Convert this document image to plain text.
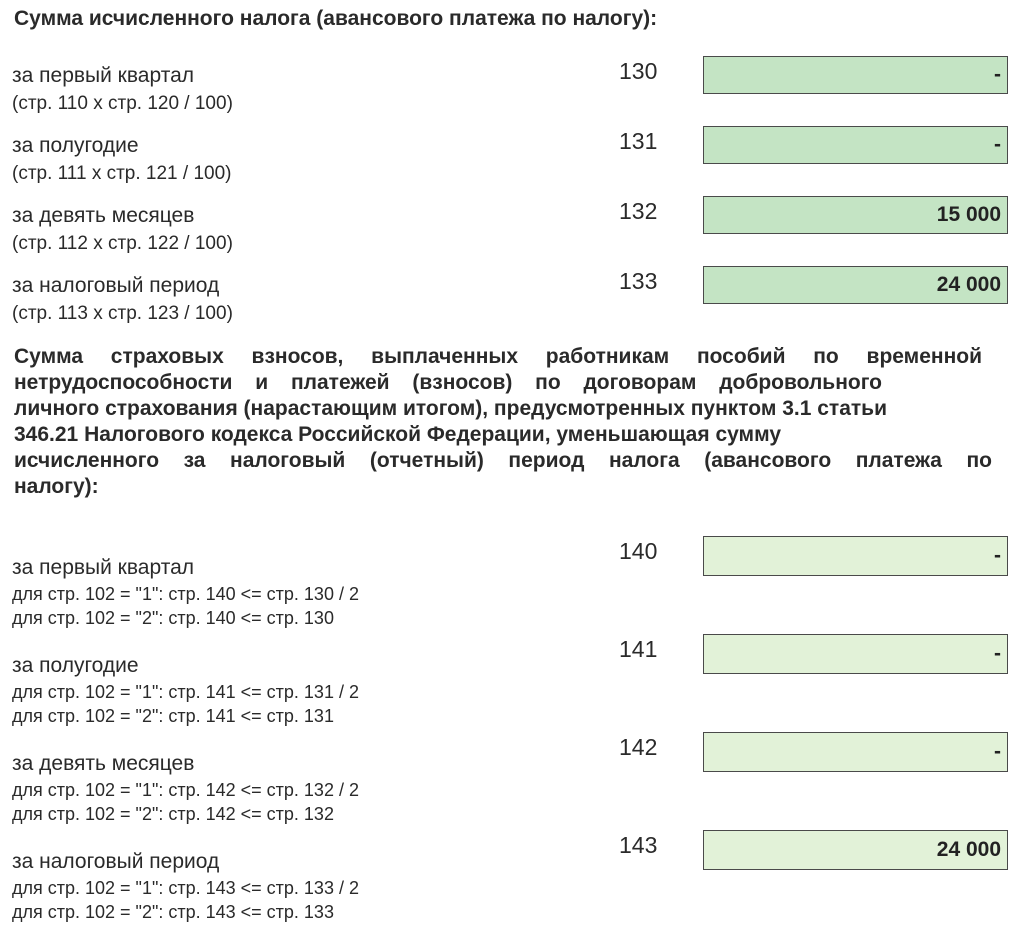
Сумма исчисленного налога (авансового платежа по налогу):
за первый квартал
(стр. 110 х стр. 120 / 100)
130	-
за полугодие
(стр. 111 х стр. 121 / 100)
131	-
за девять месяцев
(стр. 112 х стр. 122 / 100)
132	15 000
за налоговый период
(стр. 113 х стр. 123 / 100)
133	24 000
Сумма страховых взносов, выплаченных работникам пособий по временной
нетрудоспособности и платежей (взносов) по договорам добровольного
личного страхования (нарастающим итогом), предусмотренных пунктом 3.1 статьи
346.21 Налогового кодекса Российской Федерации, уменьшающая сумму
исчисленного за налоговый (отчетный) период налога (авансового платежа по
налогу):
за первый квартал
для стр. 102 = "1": стр. 140 <= стр. 130 / 2
для стр. 102 = "2": стр. 140 <= стр. 130
140	-
за полугодие
для стр. 102 = "1": стр. 141 <= стр. 131 / 2
для стр. 102 = "2": стр. 141 <= стр. 131
141	-
за девять месяцев
для стр. 102 = "1": стр. 142 <= стр. 132 / 2
для стр. 102 = "2": стр. 142 <= стр. 132
142	-
за налоговый период
для стр. 102 = "1": стр. 143 <= стр. 133 / 2
для стр. 102 = "2": стр. 143 <= стр. 133
143	24 000
